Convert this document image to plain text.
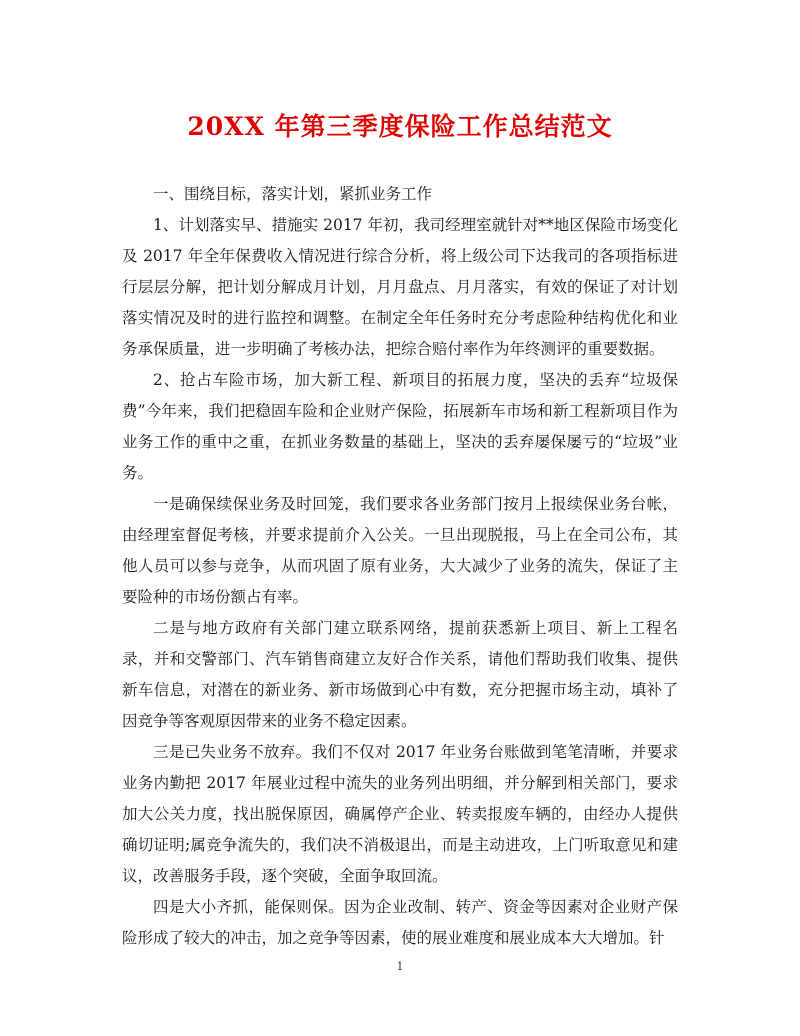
20XX 年第三季度保险工作总结范文

一、围绕目标，落实计划，紧抓业务工作

1、计划落实早、措施实 2017 年初，我司经理室就针对**地区保险市场变化及 2017 年全年保费收入情况进行综合分析，将上级公司下达我司的各项指标进行层层分解，把计划分解成月计划，月月盘点、月月落实，有效的保证了对计划落实情况及时的进行监控和调整。在制定全年任务时充分考虑险种结构优化和业务承保质量，进一步明确了考核办法，把综合赔付率作为年终测评的重要数据。

2、抢占车险市场，加大新工程、新项目的拓展力度，坚决的丢弃“垃圾保费”今年来，我们把稳固车险和企业财产保险，拓展新车市场和新工程新项目作为业务工作的重中之重，在抓业务数量的基础上，坚决的丢弃屡保屡亏的“垃圾”业务。

一是确保续保业务及时回笼，我们要求各业务部门按月上报续保业务台帐，由经理室督促考核，并要求提前介入公关。一旦出现脱报，马上在全司公布，其他人员可以参与竞争，从而巩固了原有业务，大大减少了业务的流失，保证了主要险种的市场份额占有率。

二是与地方政府有关部门建立联系网络，提前获悉新上项目、新上工程名录，并和交警部门、汽车销售商建立友好合作关系，请他们帮助我们收集、提供新车信息，对潜在的新业务、新市场做到心中有数，充分把握市场主动，填补了因竞争等客观原因带来的业务不稳定因素。

三是已失业务不放弃。我们不仅对 2017 年业务台账做到笔笔清晰，并要求业务内勤把 2017 年展业过程中流失的业务列出明细，并分解到相关部门，要求加大公关力度，找出脱保原因，确属停产企业、转卖报废车辆的，由经办人提供确切证明;属竞争流失的，我们决不消极退出，而是主动进攻，上门听取意见和建议，改善服务手段，逐个突破，全面争取回流。

四是大小齐抓，能保则保。因为企业改制、转产、资金等因素对企业财产保险形成了较大的冲击，加之竞争等因素，使的展业难度和展业成本大大增加。针

1
